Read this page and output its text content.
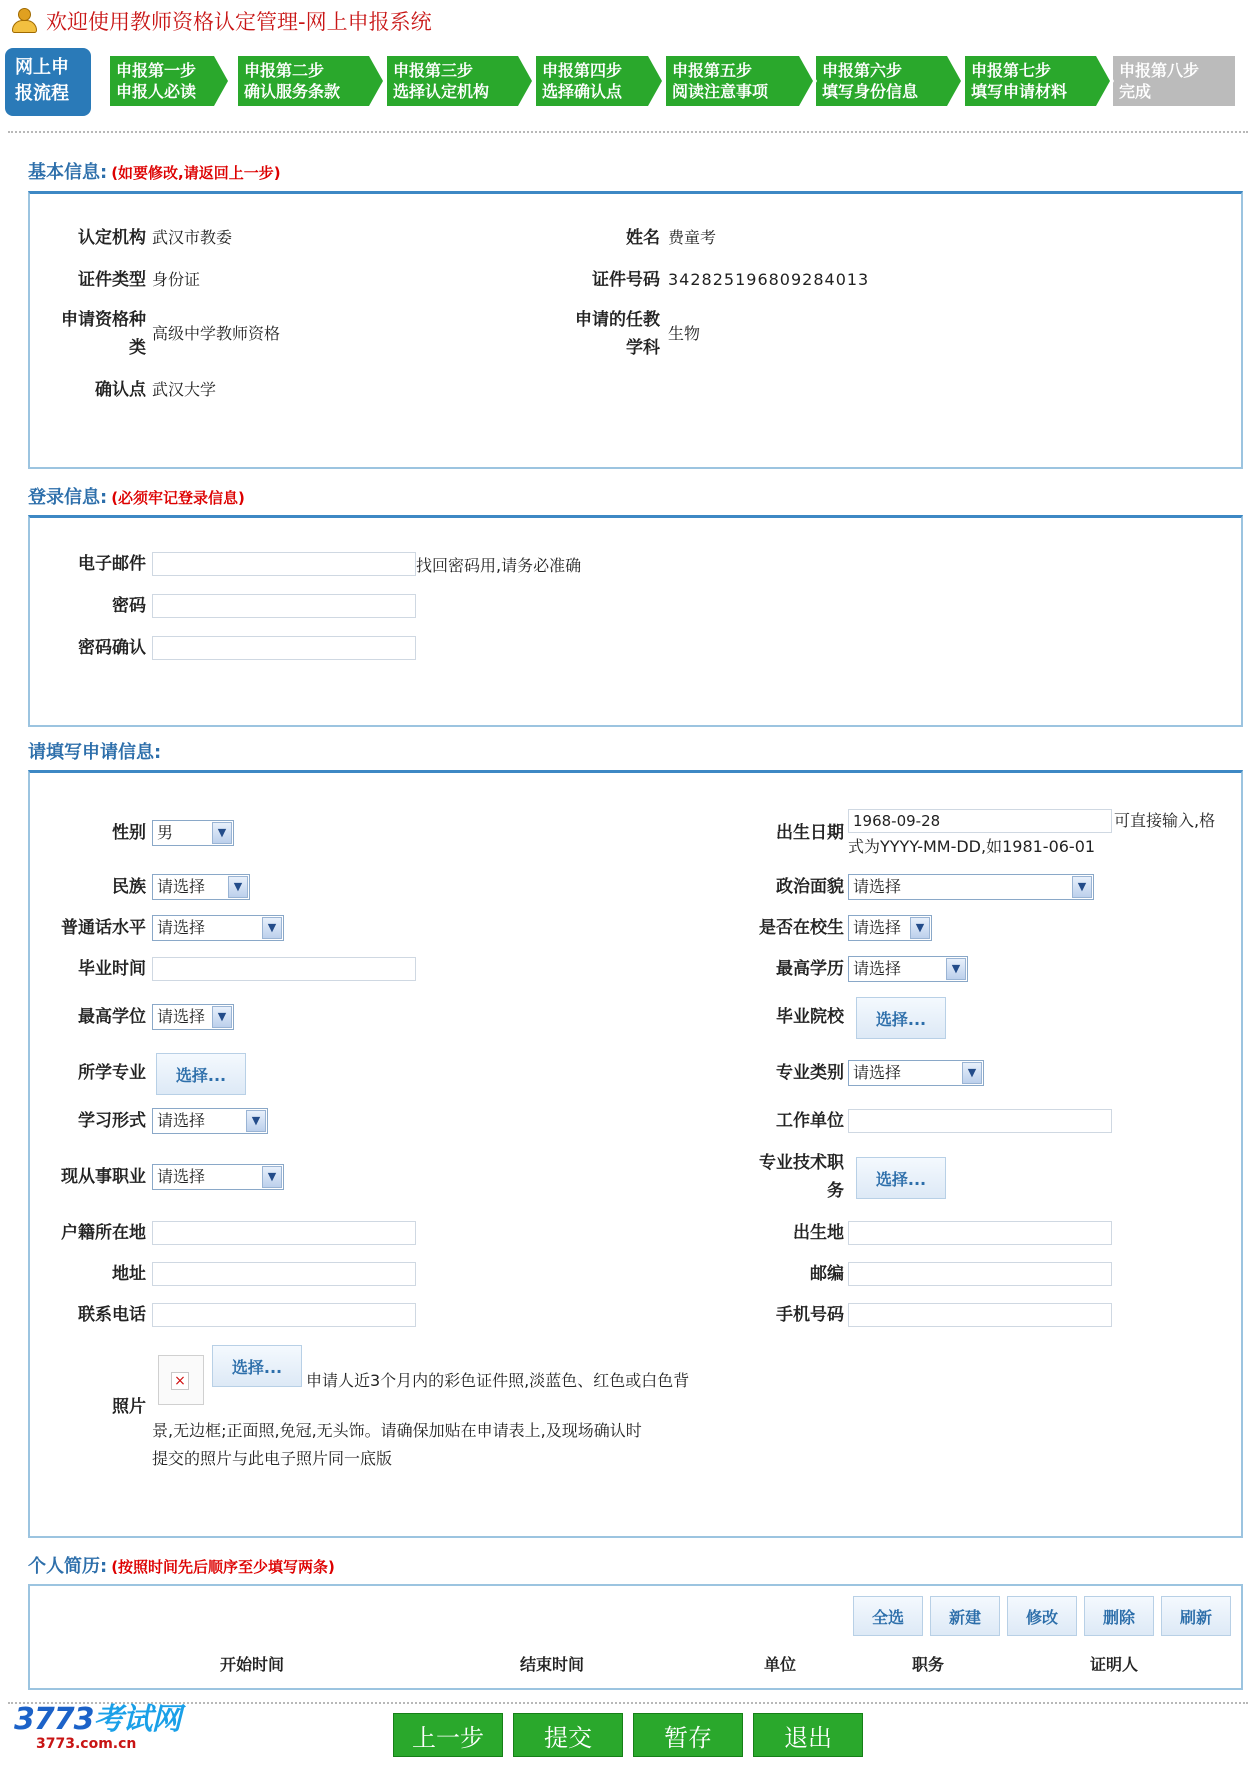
欢迎使用教师资格认定管理-网上申报系统
网上申
报流程
申报第一步
申报人必读
申报第二步
确认服务条款
申报第三步
选择认定机构
申报第四步
选择确认点
申报第五步
阅读注意事项
申报第六步
填写身份信息
申报第七步
填写申请材料
申报第八步
完成
基本信息: (如要修改,请返回上一步)
认定机构 武汉市教委	姓名 费童考
证件类型 身份证	证件号码 342825196809284013
申请资格种
类
高级中学教师资格
申请的任教
学科
生物
确认点 武汉大学
登录信息: (必须牢记登录信息)
电子邮件	找回密码用,请务必准确
密码
密码确认
请填写申请信息:
性别 男	▼	出生日期
1968-09-28
可直接输入,格
式为YYYY-MM-DD,如1981-06-01
民族 请选择	▼	政治面貌 请选择	▼
普通话水平 请选择	▼	是否在校生 请选择	▼
毕业时间	最高学历 请选择	▼
最高学位 请选择	▼	毕业院校	选择...
所学专业	选择...	专业类别 请选择	▼
学习形式 请选择	▼	工作单位
现从事职业 请选择	▼
专业技术职
务
选择...
户籍所在地	出生地
地址	邮编
联系电话	手机号码
照片
×
选择...
申请人近3个月内的彩色证件照,淡蓝色、红色或白色背
景,无边框;正面照,免冠,无头饰。请确保加贴在申请表上,及现场确认时
提交的照片与此电子照片同一底版
个人简历: (按照时间先后顺序至少填写两条)
全选	新建	修改	删除	刷新
开始时间	结束时间	单位	职务	证明人
3773考试网
3773.com.cn	上一步	提交	暂存	退出
